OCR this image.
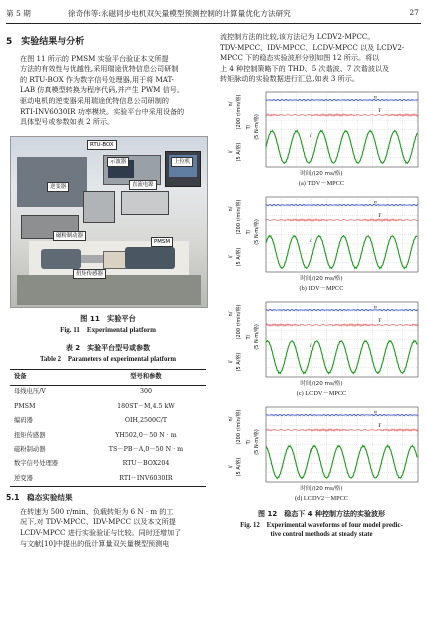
第 5 期	徐奇伟等:永磁同步电机双矢量模型预测控制的计算量优化方法研究	27
5　实验结果与分析

在图 11 所示的 PMSM 实验平台验证本文所提
方法的有效性与优越性,采用瑞途优特信息公司研制
的 RTU-BOX 作为数字信号处理器,用于将 MAT-
LAB 仿真模型转换为程序代码,并产生 PWM 信号。
驱动电机的逆变器采用瑞途优特信息公司研制的
RTI-INV6030IR 功率模块。实验平台中采用设备的
具体型号或参数如表 2 所示。

RTU-BOX
示波器	上位机
逆变器	直流电源
磁粉制动器
PMSM
扭矩传感器
图 11　实验平台
Fig. 11　Experimental platform
表 2　实验平台型号或参数
Table 2　Parameters of experimental platform
设备	型号和参数
母线电压/V	300
PMSM	180ST－M,4.5 kW
编码器	OIH,2500C/T
扭矩传感器	YH502,0－50 N · m
磁粉制动器	TS－PB－A,0－50 N · m
数字信号处理器	RTU－BOX204
逆变器	RTI－INV6030IR
5.1　稳态实验结果

在转速为 500 r/min、负载转矩为 6 N · m 的工
况下,对 TDV-MPCC、IDV-MPCC 以及本文所提
LCDV-MPCC 进行实验验证与比较。同时还增加了
与文献[10]中提出的低计算量双矢量模型预测电

流控制方法的比较,该方法记为 LCDV2-MPCC。
TDV-MPCC、IDV-MPCC、LCDV-MPCC 以及 LCDV2-
MPCC 下的稳态实验波形分别如图 12 所示。将以
上 4 种控制策略下的 THD、5 次谐波、7 次谐波以及
转矩脉动的实验数据进行汇总,如表 3 所示。

n
T
i
n/ (200 r/min/格) T/ (5 N·m/格)
i/ (5 A/格)
时间/(20 ms/格)
(a) TDV－MPCC
n
T
i
n/ (200 r/min/格) T/ (5 N·m/格)
i/ (5 A/格)
时间/(20 ms/格)
(b) IDV－MPCC
n
T
i
n/ (200 r/min/格) T/ (5 N·m/格)
i/ (5 A/格)
时间/(20 ms/格)
(c) LCDV－MPCC
n
T
i
n/ (200 r/min/格) T/ (5 N·m/格)
i/ (5 A/格)
时间/(20 ms/格)
(d) LCDV2－MPCC
图 12　稳态下 4 种控制方法的实验波形
Fig. 12　Experimental waveforms of four model predic-
tive control methods at steady state
